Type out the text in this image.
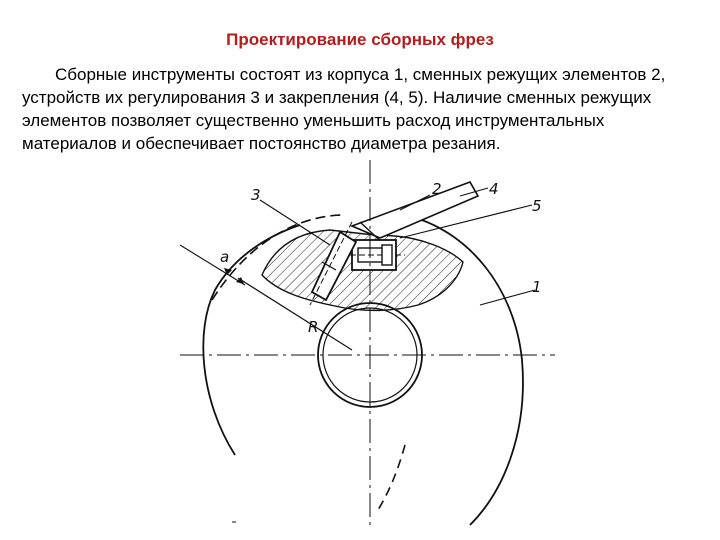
Проектирование сборных фрез

Сборные инструменты состоят из корпуса 1, сменных режущих элементов 2, устройств их регулирования 3 и закрепления (4, 5). Наличие сменных режущих элементов позволяет существенно уменьшить расход инструментальных материалов и обеспечивает постоянство диаметра резания.

3	2	4
5
1
a
R
